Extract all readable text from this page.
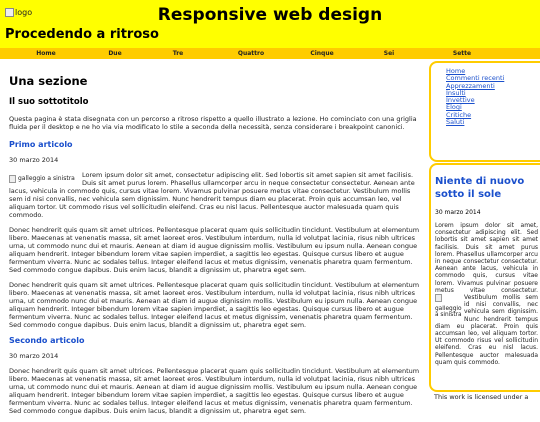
logo	Responsive web design
Procedendo a ritroso
Home	Due	Tre	Quattro	Cinque	Sei	Sette
Una sezione
Il suo sottotitolo

Questa pagina è stata disegnata con un percorso a ritroso rispetto a quello illustrato a lezione. Ho cominciato con una griglia fluida per il desktop e ne ho via via modificato lo stile a seconda della necessità, senza considerare i breakpoint canonici.

Primo articolo
30 marzo 2014

galleggio a sinistra Lorem ipsum dolor sit amet, consectetur adipiscing elit. Sed lobortis sit amet sapien sit amet facilisis. Duis sit amet purus lorem. Phasellus ullamcorper arcu in neque consectetur consectetur. Aenean ante lacus, vehicula in commodo quis, cursus vitae lorem. Vivamus pulvinar posuere metus vitae consectetur. Vestibulum mollis sem id nisi convallis, nec vehicula sem dignissim. Nunc hendrerit tempus diam eu placerat. Proin quis accumsan leo, vel aliquam tortor. Ut commodo risus vel sollicitudin eleifend. Cras eu nisl lacus. Pellentesque auctor malesuada quam quis commodo.

Donec hendrerit quis quam sit amet ultrices. Pellentesque placerat quam quis sollicitudin tincidunt. Vestibulum at elementum libero. Maecenas at venenatis massa, sit amet laoreet eros. Vestibulum interdum, nulla id volutpat lacinia, risus nibh ultrices urna, ut commodo nunc dui et mauris. Aenean at diam id augue dignissim mollis. Vestibulum eu ipsum nulla. Aenean congue aliquam hendrerit. Integer bibendum lorem vitae sapien imperdiet, a sagittis leo egestas. Quisque cursus libero et augue fermentum viverra. Nunc ac sodales tellus. Integer eleifend lacus et metus dignissim, venenatis pharetra quam fermentum. Sed commodo congue dapibus. Duis enim lacus, blandit a dignissim ut, pharetra eget sem.

Donec hendrerit quis quam sit amet ultrices. Pellentesque placerat quam quis sollicitudin tincidunt. Vestibulum at elementum libero. Maecenas at venenatis massa, sit amet laoreet eros. Vestibulum interdum, nulla id volutpat lacinia, risus nibh ultrices urna, ut commodo nunc dui et mauris. Aenean at diam id augue dignissim mollis. Vestibulum eu ipsum nulla. Aenean congue aliquam hendrerit. Integer bibendum lorem vitae sapien imperdiet, a sagittis leo egestas. Quisque cursus libero et augue fermentum viverra. Nunc ac sodales tellus. Integer eleifend lacus et metus dignissim, venenatis pharetra quam fermentum. Sed commodo congue dapibus. Duis enim lacus, blandit a dignissim ut, pharetra eget sem.

Secondo articolo
30 marzo 2014

Donec hendrerit quis quam sit amet ultrices. Pellentesque placerat quam quis sollicitudin tincidunt. Vestibulum at elementum libero. Maecenas at venenatis massa, sit amet laoreet eros. Vestibulum interdum, nulla id volutpat lacinia, risus nibh ultrices urna, ut commodo nunc dui et mauris. Aenean at diam id augue dignissim mollis. Vestibulum eu ipsum nulla. Aenean congue aliquam hendrerit. Integer bibendum lorem vitae sapien imperdiet, a sagittis leo egestas. Quisque cursus libero et augue fermentum viverra. Nunc ac sodales tellus. Integer eleifend lacus et metus dignissim, venenatis pharetra quam fermentum. Sed commodo congue dapibus. Duis enim lacus, blandit a dignissim ut, pharetra eget sem.

Home
Commenti recenti
Apprezzamenti
Insulti
Invettive
Elogi
Critiche
Saluti
Niente di nuovo sotto il sole
30 marzo 2014

Lorem ipsum dolor sit amet, consectetur adipiscing elit. Sed lobortis sit amet sapien sit amet facilisis. Duis sit amet purus lorem. Phasellus ullamcorper arcu in neque consectetur consectetur. Aenean ante lacus, vehicula in commodo quis, cursus vitae lorem. Vivamus pulvinar posuere metus vitae consectetur.
galleggio a sinistra
Vestibulum mollis sem id nisi convallis, nec vehicula sem dignissim. Nunc hendrerit tempus diam eu placerat. Proin quis accumsan leo, vel aliquam tortor. Ut commodo risus vel sollicitudin eleifend. Cras eu nisl lacus. Pellentesque auctor malesuada quam quis commodo.

This work is licensed under a
